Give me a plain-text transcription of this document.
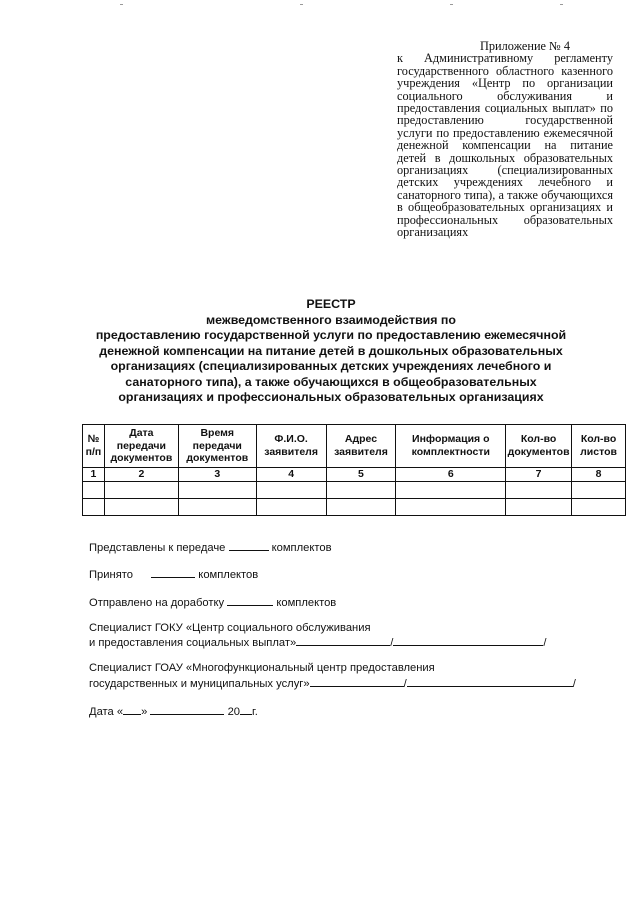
Приложение № 4
к Административному регламенту государственного областного казенного учреждения «Центр по организации социального обслуживания и предоставления социальных выплат» по предоставлению государственной услуги по предоставлению ежемесячной денежной компенсации на питание детей в дошкольных образовательных организациях (специализированных детских учреждениях лечебного и санаторного типа), а также обучающихся в общеобразовательных организациях и профессиональных образовательных организациях
РЕЕСТР
межведомственного взаимодействия по
предоставлению государственной услуги по предоставлению ежемесячной
денежной компенсации на питание детей в дошкольных образовательных
организациях (специализированных детских учреждениях лечебного и
санаторного типа), а также обучающихся в общеобразовательных
организациях и профессиональных образовательных организациях
№ п/п	Дата передачи документов	Время передачи документов	Ф.И.О. заявителя	Адрес заявителя	Информация о комплектности	Кол-во документов	Кол-во листов
1	2	3	4	5	6	7	8

Представлены к передаче	комплектов
Принято	комплектов
Отправлено на доработку	комплектов
Специалист ГОКУ «Центр социального обслуживания
и предоставления социальных выплат»	/	/
Специалист ГОАУ «Многофункциональный центр предоставления
государственных и муниципальных услуг»	/	/
Дата « »	20 г.
